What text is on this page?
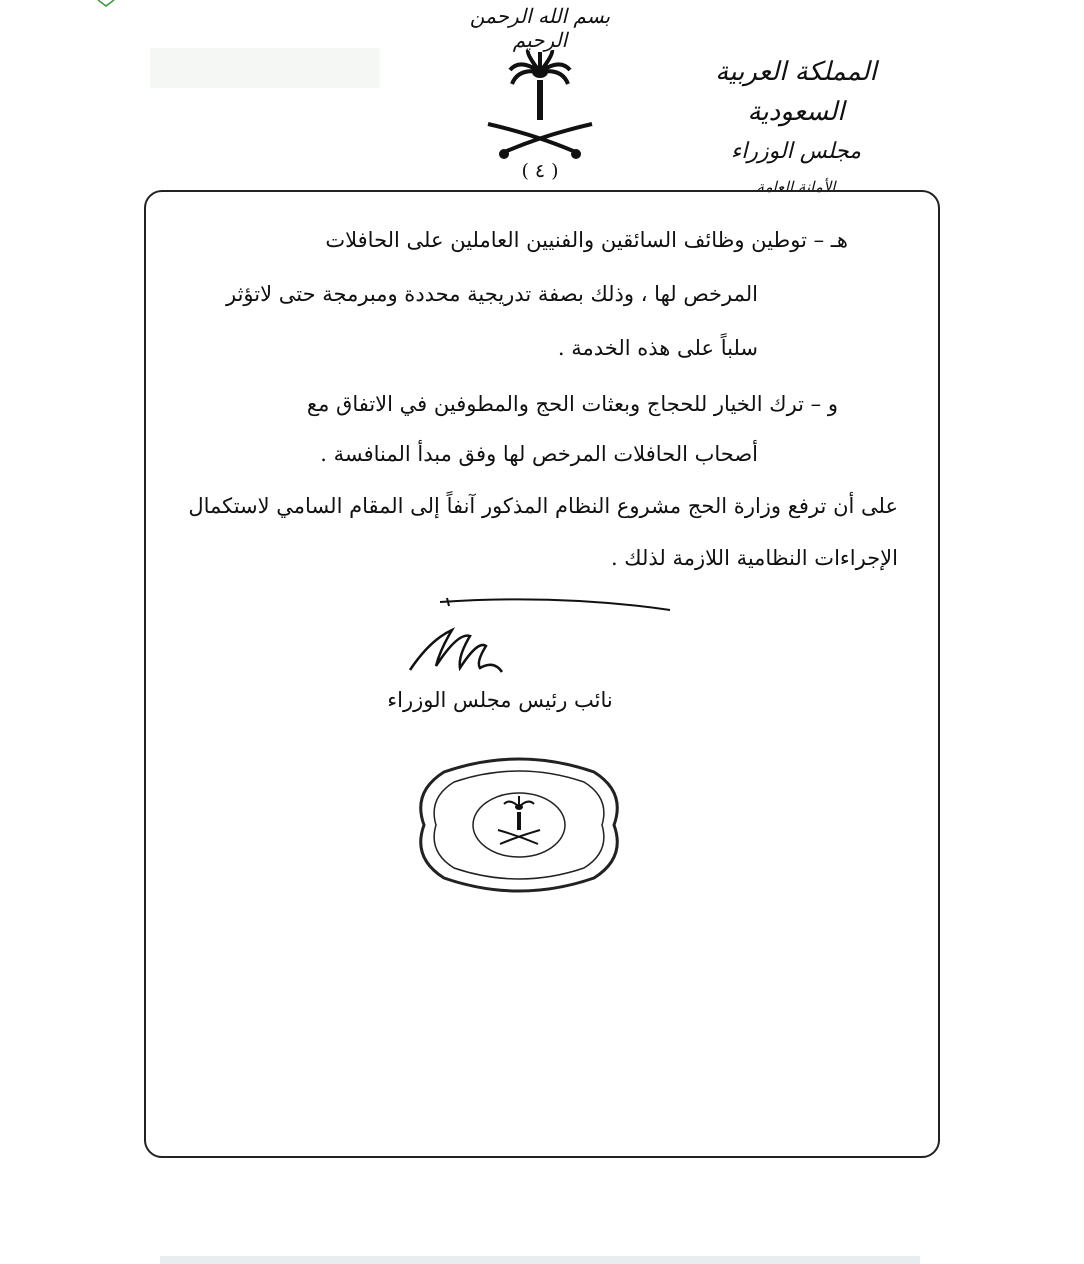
بسم الله الرحمن الرحيم
( ٤ )
المملكة العربية السعودية
مجلس الوزراء
الأمانة العامة
هـ – توطين وظائف السائقين والفنيين العاملين على الحافلات
المرخص لها ، وذلك بصفة تدريجية محددة ومبرمجة حتى لاتؤثر
سلباً على هذه الخدمة .
و – ترك الخيار للحجاج وبعثات الحج والمطوفين في الاتفاق مع
أصحاب الحافلات المرخص لها وفق مبدأ المنافسة .
على أن ترفع وزارة الحج مشروع النظام المذكور آنفاً إلى المقام السامي لاستكمال
الإجراءات النظامية اللازمة لذلك .
نائب رئيس مجلس الوزراء
